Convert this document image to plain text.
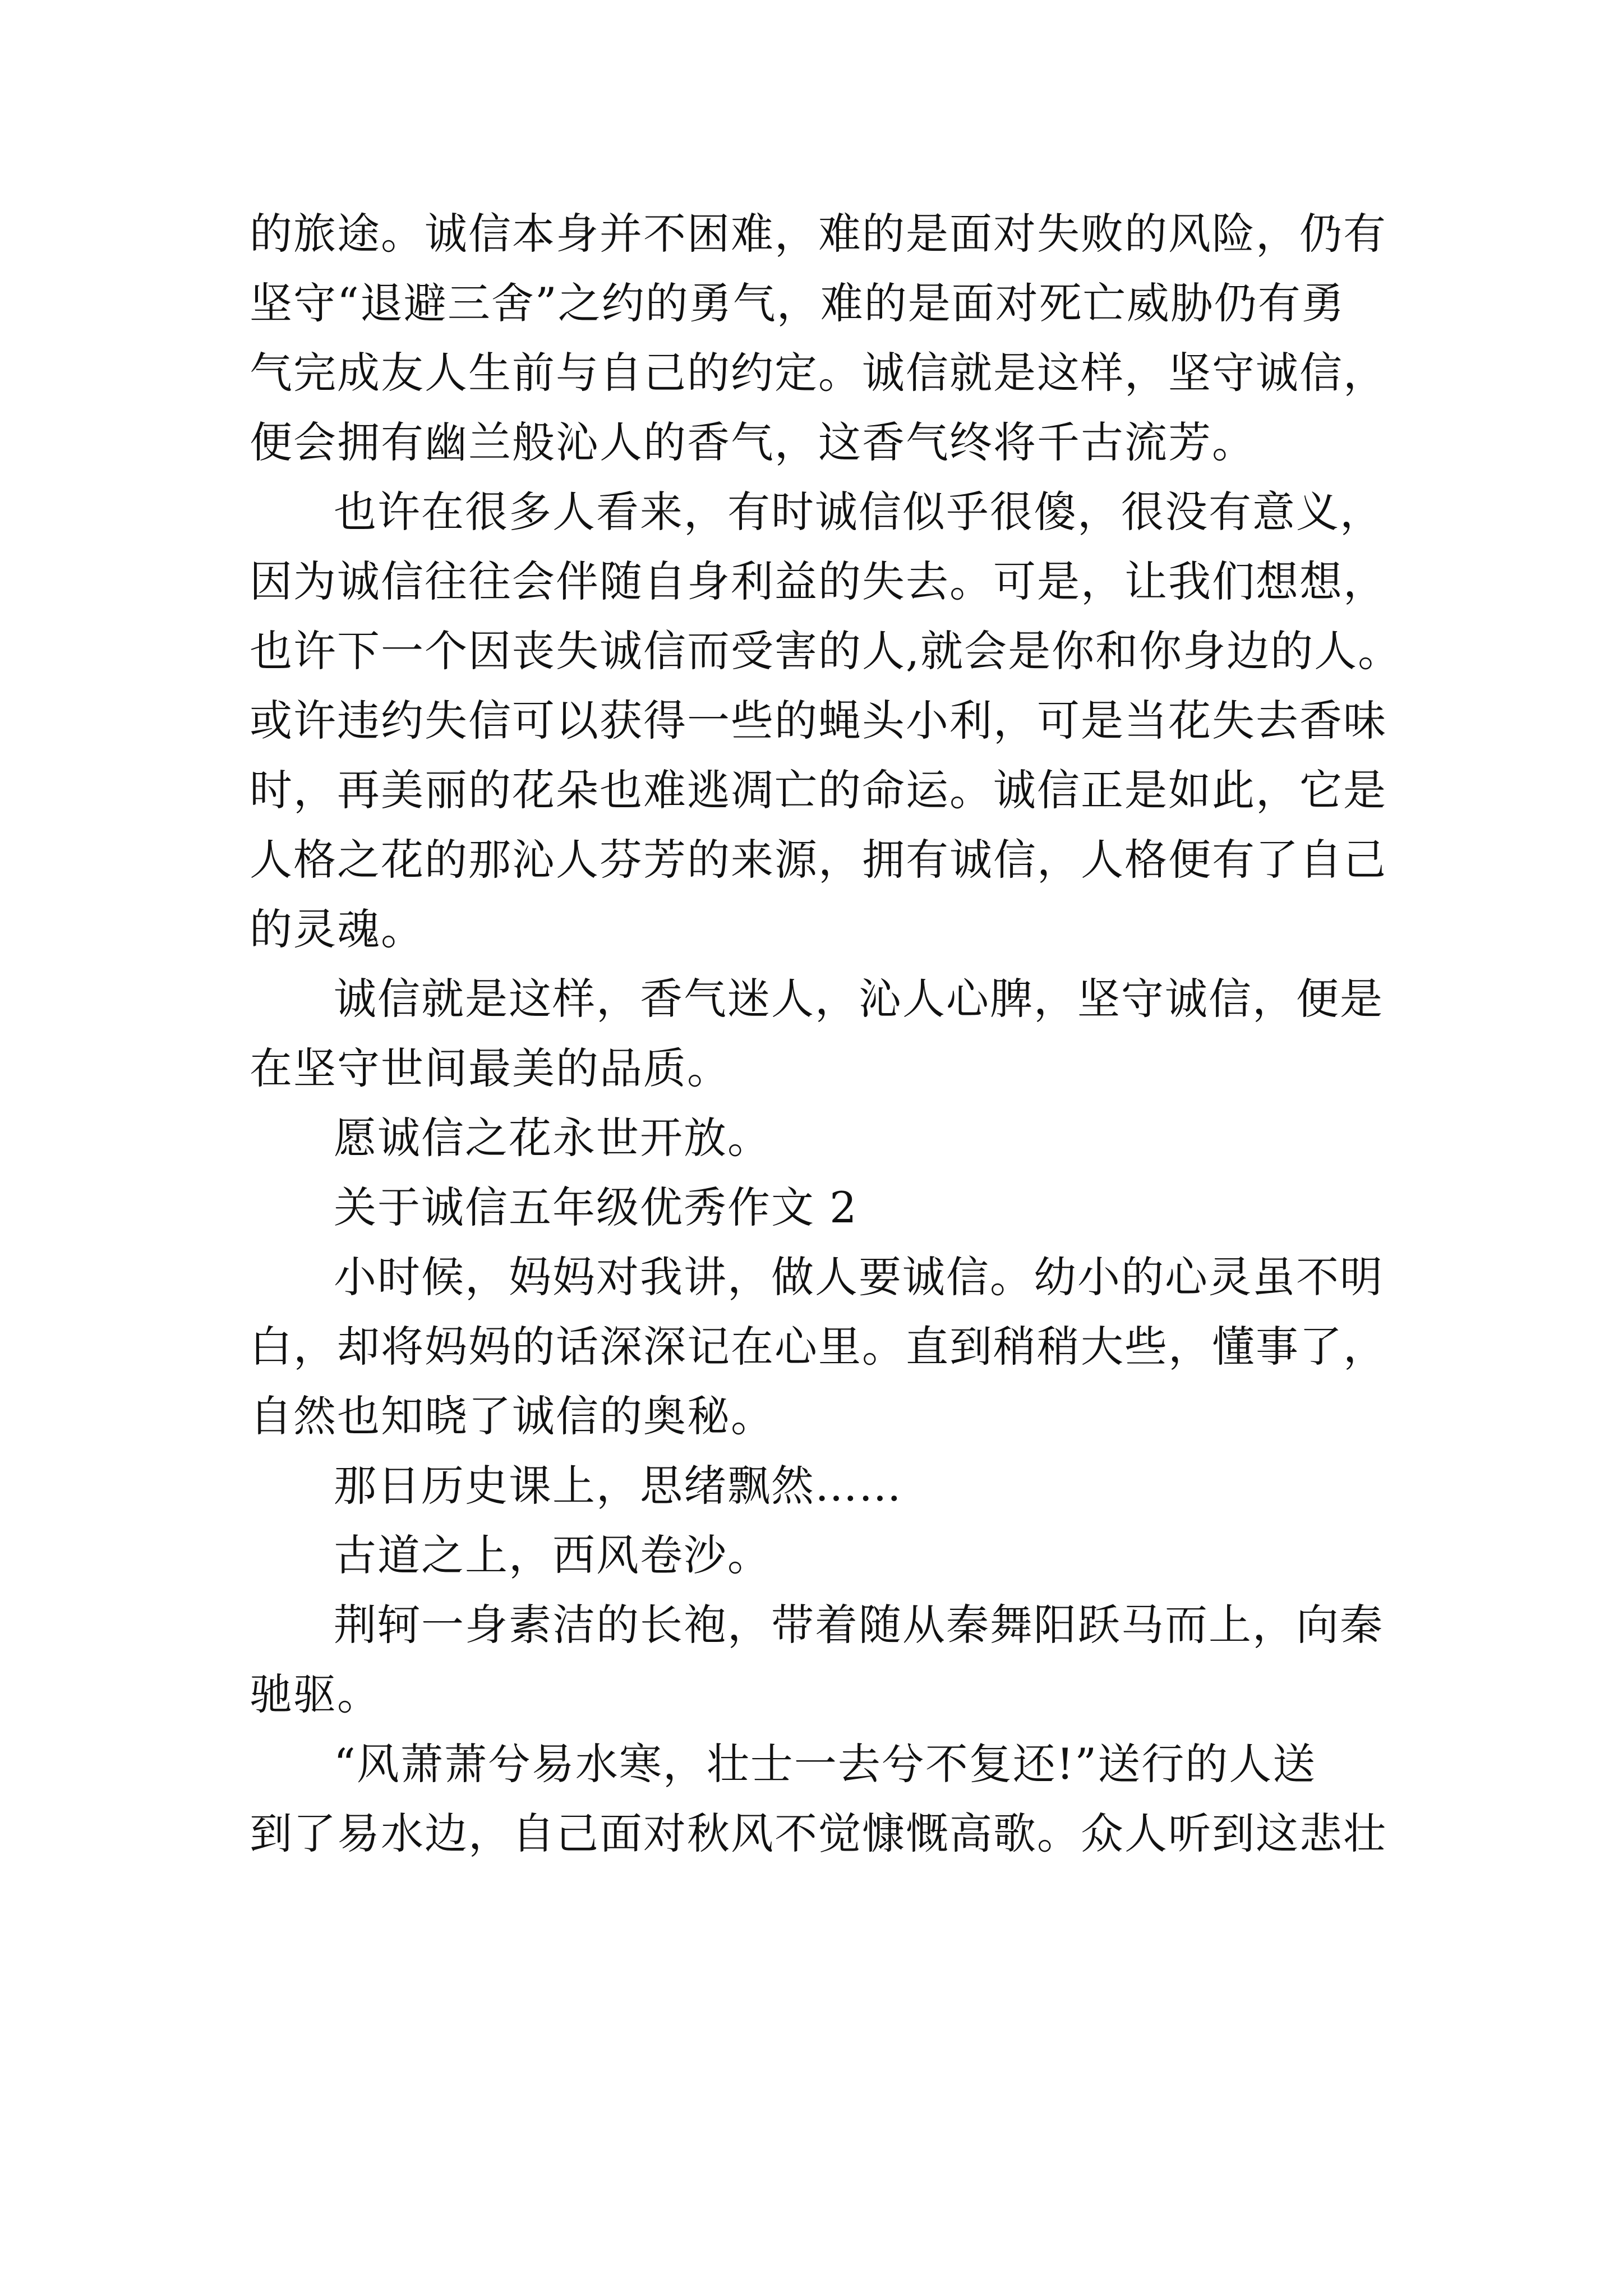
的旅途。诚信本身并不困难，难的是面对失败的风险，仍有
坚守“退避三舍”之约的勇气，难的是面对死亡威胁仍有勇
气完成友人生前与自己的约定。诚信就是这样，坚守诚信，
便会拥有幽兰般沁人的香气，这香气终将千古流芳。
也许在很多人看来，有时诚信似乎很傻，很没有意义，
因为诚信往往会伴随自身利益的失去。可是，让我们想想，
也许下一个因丧失诚信而受害的人,就会是你和你身边的人。
或许违约失信可以获得一些的蝇头小利，可是当花失去香味
时，再美丽的花朵也难逃凋亡的命运。诚信正是如此，它是
人格之花的那沁人芬芳的来源，拥有诚信，人格便有了自己
的灵魂。
诚信就是这样，香气迷人，沁人心脾，坚守诚信，便是
在坚守世间最美的品质。
愿诚信之花永世开放。
关于诚信五年级优秀作文 2
小时候，妈妈对我讲，做人要诚信。幼小的心灵虽不明
白，却将妈妈的话深深记在心里。直到稍稍大些，懂事了，
自然也知晓了诚信的奥秘。
那日历史课上，思绪飘然……
古道之上，西风卷沙。
荆轲一身素洁的长袍，带着随从秦舞阳跃马而上，向秦
驰驱。
“风萧萧兮易水寒，壮士一去兮不复还!”送行的人送
到了易水边，自己面对秋风不觉慷慨高歌。众人听到这悲壮
